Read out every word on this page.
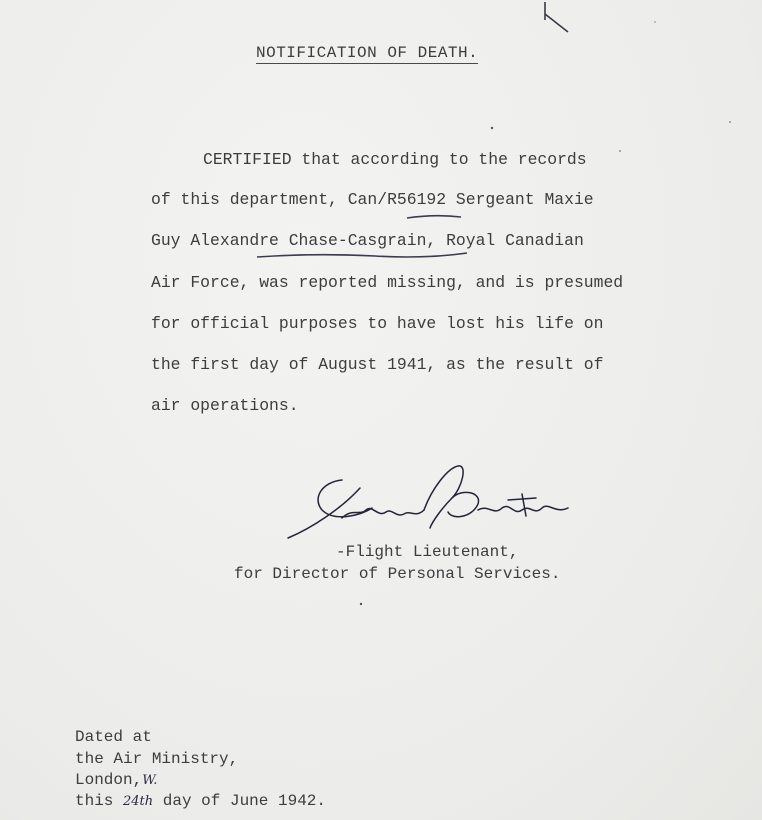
NOTIFICATION OF DEATH.
CERTIFIED that according to the records
of this department, Can/R56192 Sergeant Maxie
Guy Alexandre Chase-Casgrain, Royal Canadian
Air Force, was reported missing, and is presumed
for official purposes to have lost his life on
the first day of August 1941, as the result of
air operations.
-Flight Lieutenant,
for Director of Personal Services.
Dated at
the Air Ministry,
London,W.
this 24th day of June 1942.
